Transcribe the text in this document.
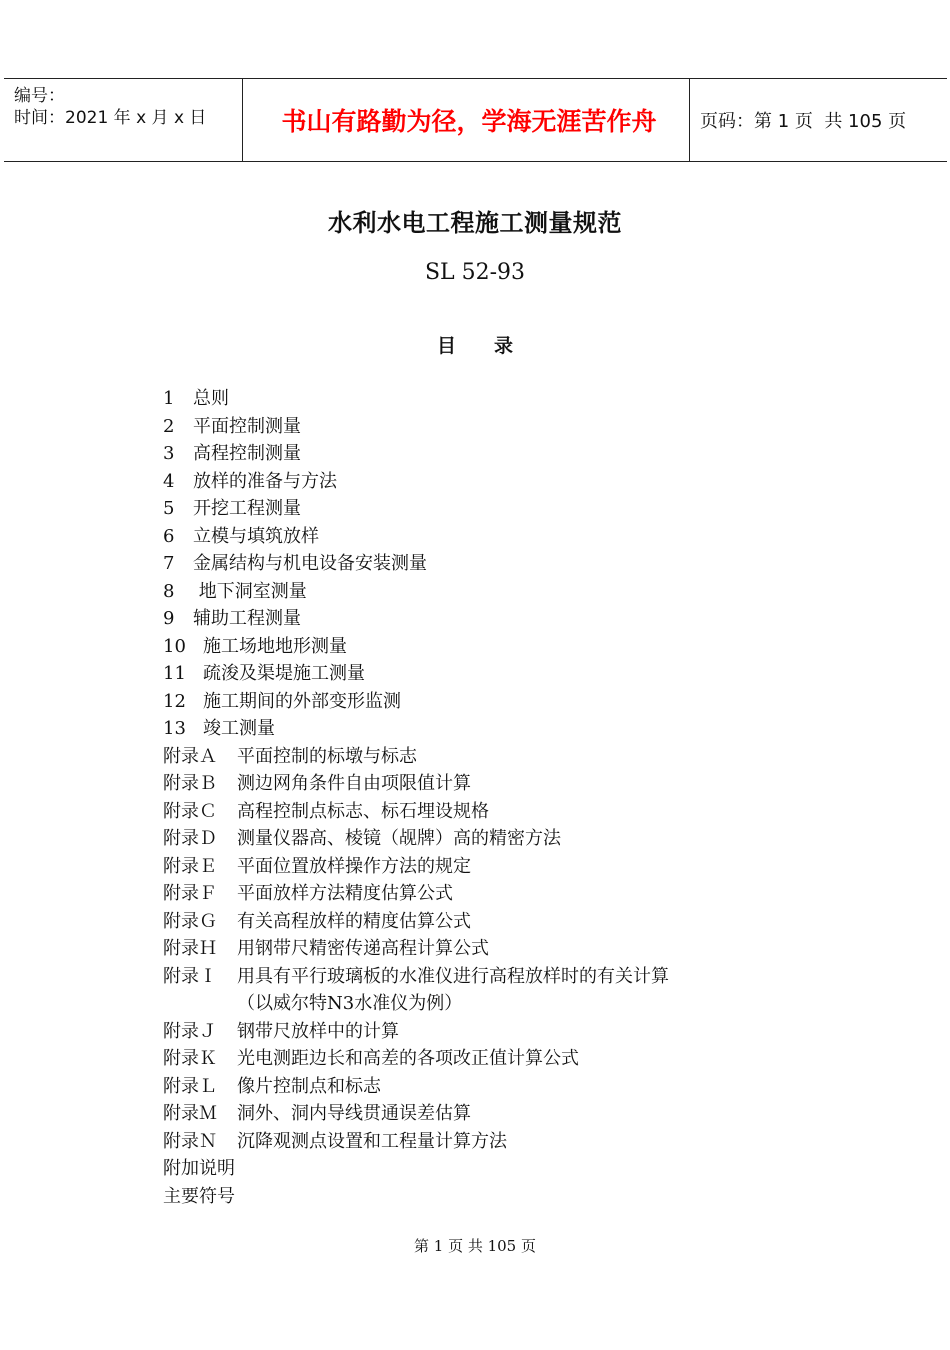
编号：
时间：2021 年 x 月 x 日	书山有路勤为径，学海无涯苦作舟	页码：第 1 页  共 105 页
水利水电工程施工测量规范
SL 52-93
目录
1	总则
2	平面控制测量
3	高程控制测量
4	放样的准备与方法
5	开挖工程测量
6	立模与填筑放样
7	金属结构与机电设备安装测量
8	地下洞室测量
9	辅助工程测量
10 施工场地地形测量
11 疏浚及渠堤施工测量
12 施工期间的外部变形监测
13 竣工测量
附录Ａ	平面控制的标墩与标志
附录Ｂ	测边网角条件自由项限值计算
附录Ｃ	高程控制点标志、标石埋设规格
附录Ｄ	测量仪器高、棱镜（觇牌）高的精密方法
附录Ｅ	平面位置放样操作方法的规定
附录Ｆ	平面放样方法精度估算公式
附录Ｇ	有关高程放样的精度估算公式
附录Ｈ	用钢带尺精密传递高程计算公式
附录Ｉ	用具有平行玻璃板的水准仪进行高程放样时的有关计算
（以威尔特N3水准仪为例）
附录Ｊ	钢带尺放样中的计算
附录Ｋ	光电测距边长和高差的各项改正值计算公式
附录Ｌ	像片控制点和标志
附录Ｍ	洞外、洞内导线贯通误差估算
附录Ｎ	沉降观测点设置和工程量计算方法
附加说明
主要符号
第 1 页 共 105 页
